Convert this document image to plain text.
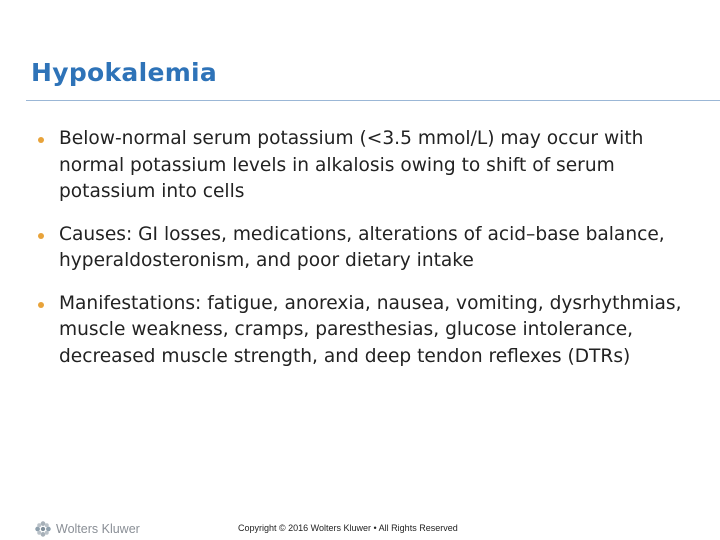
Hypokalemia
Below-normal serum potassium (<3.5 mmol/L) may occur with normal potassium levels in alkalosis owing to shift of serum potassium into cells
Causes: GI losses, medications, alterations of acid–base balance, hyperaldosteronism, and poor dietary intake
Manifestations: fatigue, anorexia, nausea, vomiting, dysrhythmias, muscle weakness, cramps, paresthesias, glucose intolerance, decreased muscle strength, and deep tendon reflexes (DTRs)
Wolters Kluwer	Copyright © 2016 Wolters Kluwer • All Rights Reserved
